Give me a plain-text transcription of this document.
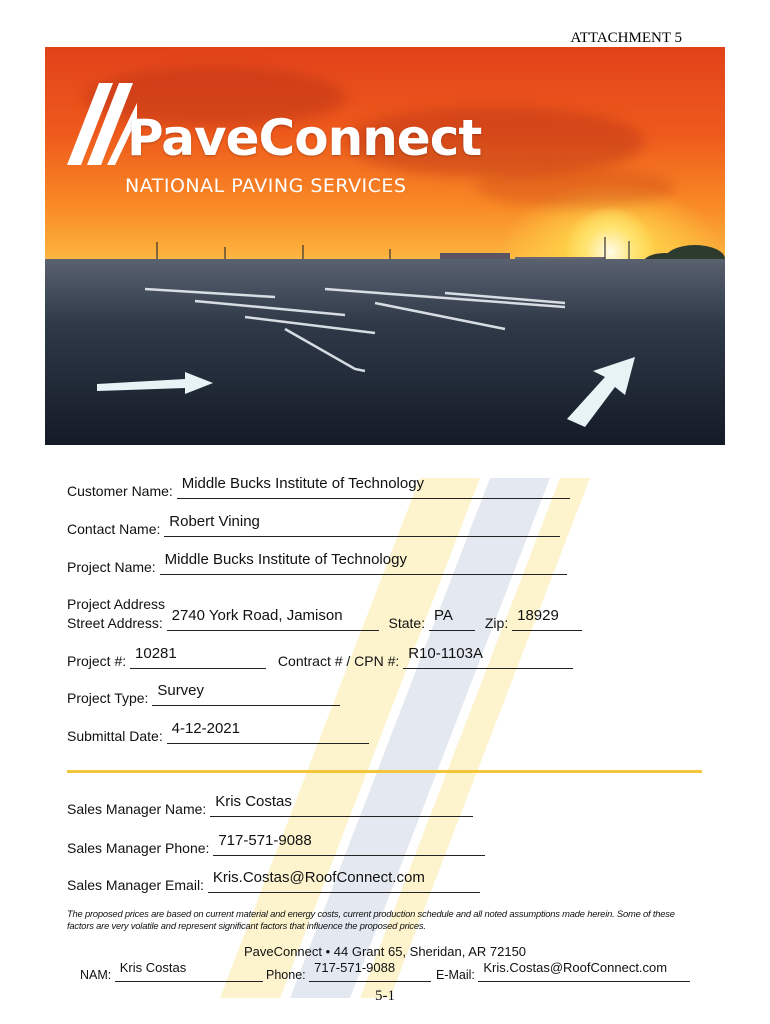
ATTACHMENT 5
PaveConnect
NATIONAL PAVING SERVICES
Customer Name: Middle Bucks Institute of Technology
Contact Name: Robert Vining
Project Name: Middle Bucks Institute of Technology
Project Address
Street Address: 2740 York Road, Jamison	State: PA Zip: 18929
Project #: 10281	Contract # / CPN #: R10-1103A
Project Type: Survey
Submittal Date: 4-12-2021
Sales Manager Name: Kris Costas
Sales Manager Phone: 717-571-9088
Sales Manager Email: Kris.Costas@RoofConnect.com
The proposed prices are based on current material and energy costs, current production schedule and all noted assumptions made herein. Some of these factors are very volatile and represent significant factors that influence the proposed prices.
PaveConnect • 44 Grant 65, Sheridan, AR 72150
NAM: Kris Costas	Phone: 717-571-9088	E-Mail: Kris.Costas@RoofConnect.com
5-1
